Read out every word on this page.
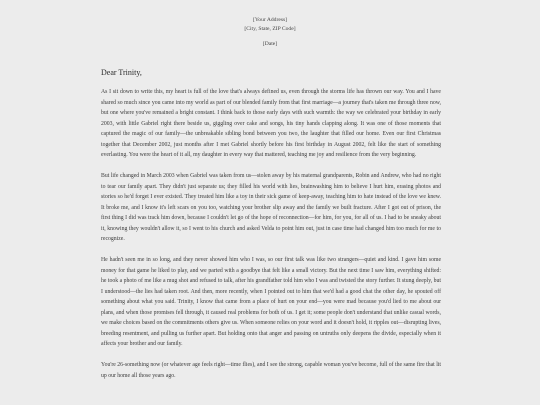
[Your Address]
[City, State, ZIP Code]
[Date]
Dear Trinity,

As I sit down to write this, my heart is full of the love that's always defined us, even through the storms life has thrown our way. You and I have shared so much since you came into my world as part of our blended family from that first marriage—a journey that's taken me through three now, but one where you've remained a bright constant. I think back to those early days with such warmth: the way we celebrated your birthday in early 2003, with little Gabriel right there beside us, giggling over cake and songs, his tiny hands clapping along. It was one of those moments that captured the magic of our family—the unbreakable sibling bond between you two, the laughter that filled our home. Even our first Christmas together that December 2002, just months after I met Gabriel shortly before his first birthday in August 2002, felt like the start of something everlasting. You were the heart of it all, my daughter in every way that mattered, teaching me joy and resilience from the very beginning.

But life changed in March 2003 when Gabriel was taken from us—stolen away by his maternal grandparents, Robin and Andrew, who had no right to tear our family apart. They didn't just separate us; they filled his world with lies, brainwashing him to believe I hurt him, erasing photos and stories so he'd forget I ever existed. They treated him like a toy in their sick game of keep-away, teaching him to hate instead of the love we knew. It broke me, and I know it's left scars on you too, watching your brother slip away and the family we built fracture. After I got out of prison, the first thing I did was track him down, because I couldn't let go of the hope of reconnection—for him, for you, for all of us. I had to be sneaky about it, knowing they wouldn't allow it, so I went to his church and asked Velda to point him out, just in case time had changed him too much for me to recognize.

He hadn't seen me in so long, and they never showed him who I was, so our first talk was like two strangers—quiet and kind. I gave him some money for that game he liked to play, and we parted with a goodbye that felt like a small victory. But the next time I saw him, everything shifted: he took a photo of me like a mug shot and refused to talk, after his grandfather told him who I was and twisted the story further. It stung deeply, but I understood—the lies had taken root. And then, more recently, when I pointed out to him that we'd had a good chat the other day, he spouted off something about what you said. Trinity, I know that came from a place of hurt on your end—you were mad because you'd lied to me about our plans, and when those promises fell through, it caused real problems for both of us. I get it; some people don't understand that unlike casual words, we make choices based on the commitments others give us. When someone relies on your word and it doesn't hold, it ripples out—disrupting lives, breeding resentment, and pulling us further apart. But holding onto that anger and passing on untruths only deepens the divide, especially when it affects your brother and our family.

You're 26-something now (or whatever age feels right—time flies), and I see the strong, capable woman you've become, full of the same fire that lit up our home all those years ago.
